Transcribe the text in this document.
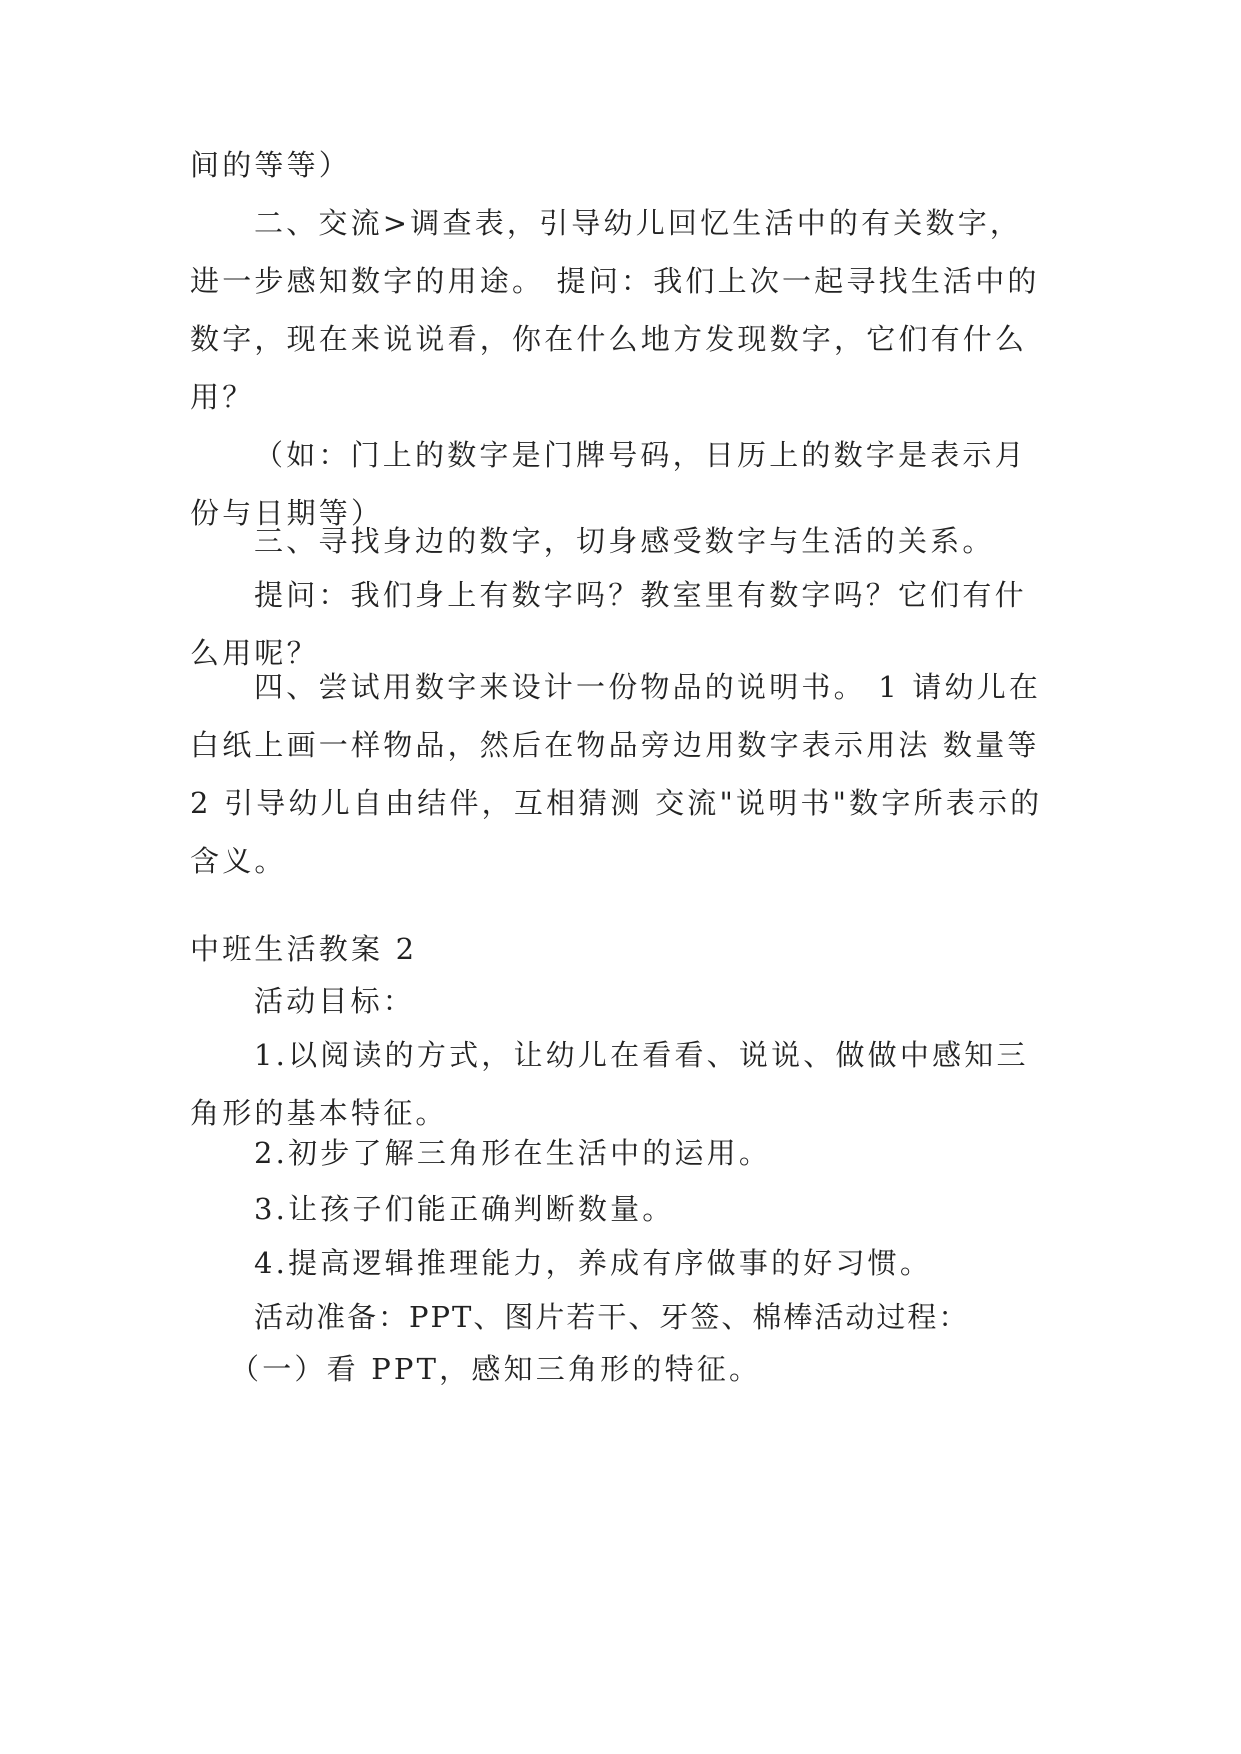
间的等等）

二、交流>调查表，引导幼儿回忆生活中的有关数字，进一步感知数字的用途。 提问：我们上次一起寻找生活中的数字，现在来说说看，你在什么地方发现数字，它们有什么用？

（如：门上的数字是门牌号码，日历上的数字是表示月份与日期等）

三、寻找身边的数字，切身感受数字与生活的关系。

提问：我们身上有数字吗？教室里有数字吗？它们有什么用呢？

四、尝试用数字来设计一份物品的说明书。 1 请幼儿在白纸上画一样物品，然后在物品旁边用数字表示用法 数量等 2 引导幼儿自由结伴，互相猜测 交流"说明书"数字所表示的含义。

中班生活教案 2

活动目标：

1.以阅读的方式，让幼儿在看看、说说、做做中感知三角形的基本特征。

2.初步了解三角形在生活中的运用。

3.让孩子们能正确判断数量。

4.提高逻辑推理能力，养成有序做事的好习惯。

活动准备：PPT、图片若干、牙签、棉棒活动过程：

（一）看 PPT，感知三角形的特征。
